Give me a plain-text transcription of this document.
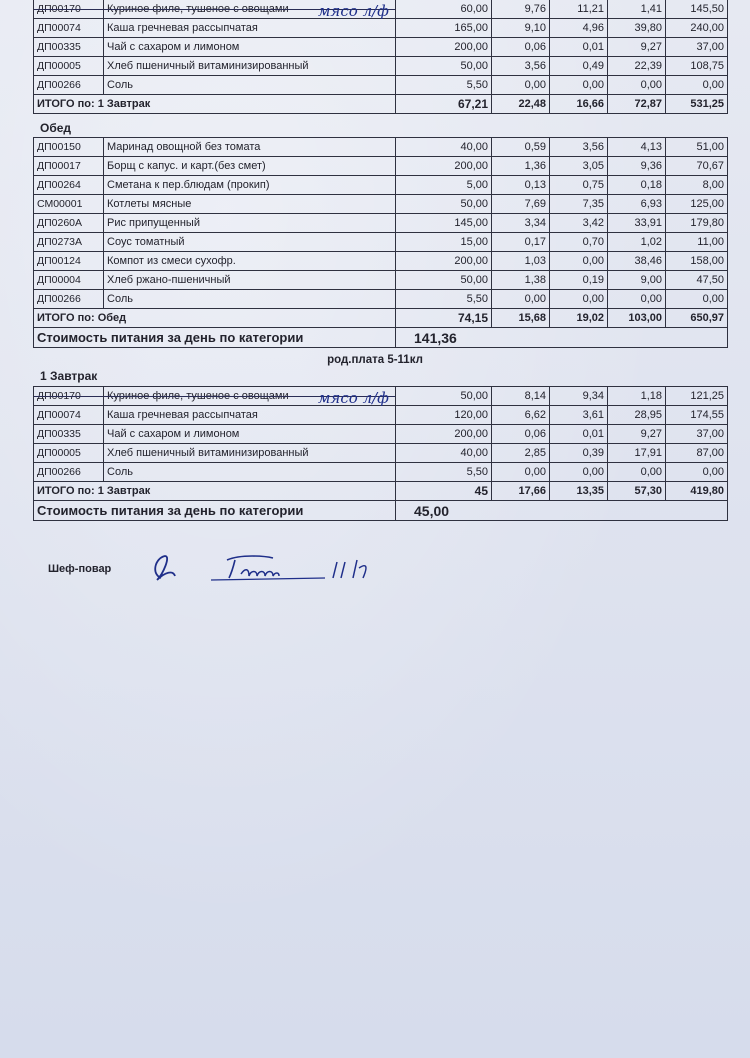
ДП00170	Куриное филе, тушеное с овощами	60,00	9,76	11,21	1,41	145,50
ДП00074	Каша гречневая рассыпчатая	165,00	9,10	4,96	39,80	240,00
ДП00335	Чай с сахаром и лимоном	200,00	0,06	0,01	9,27	37,00
ДП00005	Хлеб пшеничный витаминизированный	50,00	3,56	0,49	22,39	108,75
ДП00266	Соль	5,50	0,00	0,00	0,00	0,00
ИТОГО по: 1 Завтрак		67,21	22,48	16,66	72,87	531,25
мясо л/ф
Обед
ДП00150	Маринад овощной без томата	40,00	0,59	3,56	4,13	51,00
ДП00017	Борщ с капус. и карт.(без смет)	200,00	1,36	3,05	9,36	70,67
ДП00264	Сметана к пер.блюдам (прокип)	5,00	0,13	0,75	0,18	8,00
СМ00001	Котлеты мясные	50,00	7,69	7,35	6,93	125,00
ДП0260А	Рис припущенный	145,00	3,34	3,42	33,91	179,80
ДП0273А	Соус томатный	15,00	0,17	0,70	1,02	11,00
ДП00124	Компот из смеси сухофр.	200,00	1,03	0,00	38,46	158,00
ДП00004	Хлеб ржано-пшеничный	50,00	1,38	0,19	9,00	47,50
ДП00266	Соль	5,50	0,00	0,00	0,00	0,00
ИТОГО по: Обед		74,15	15,68	19,02	103,00	650,97
Стоимость питания за день по категории		141,36				
род.плата 5-11кл
1 Завтрак
ДП00170	Куриное филе, тушеное с овощами	50,00	8,14	9,34	1,18	121,25
ДП00074	Каша гречневая рассыпчатая	120,00	6,62	3,61	28,95	174,55
ДП00335	Чай с сахаром и лимоном	200,00	0,06	0,01	9,27	37,00
ДП00005	Хлеб пшеничный витаминизированный	40,00	2,85	0,39	17,91	87,00
ДП00266	Соль	5,50	0,00	0,00	0,00	0,00
ИТОГО по: 1 Завтрак		45	17,66	13,35	57,30	419,80
Стоимость питания за день по категории		45,00				
мясо л/ф
Шеф-повар
Ганиева 11 12
